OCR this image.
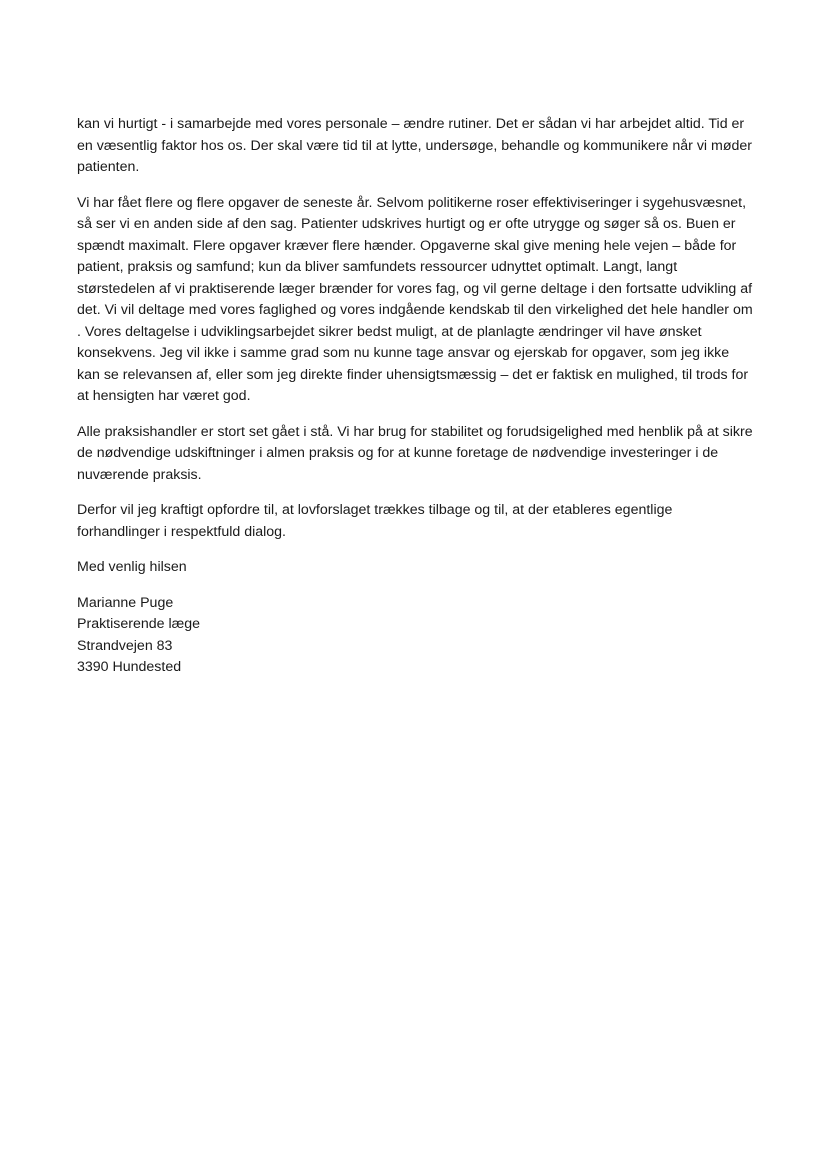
kan vi hurtigt - i samarbejde med vores personale – ændre rutiner. Det er sådan vi har arbejdet altid. Tid er en væsentlig faktor hos os. Der skal være tid til at lytte, undersøge, behandle og kommunikere når vi møder patienten.

Vi har fået flere og flere opgaver de seneste år. Selvom politikerne roser effektiviseringer i sygehusvæsnet, så ser vi en anden side af den sag. Patienter udskrives hurtigt og er ofte utrygge og søger så os. Buen er spændt maximalt. Flere opgaver kræver flere hænder. Opgaverne skal give mening hele vejen – både for patient, praksis og samfund; kun da bliver samfundets ressourcer udnyttet optimalt. Langt, langt størstedelen af vi praktiserende læger brænder for vores fag, og vil gerne deltage i den fortsatte udvikling af det. Vi vil deltage med vores faglighed og vores indgående kendskab til den virkelighed det hele handler om . Vores deltagelse i udviklingsarbejdet sikrer bedst muligt, at de planlagte ændringer vil have ønsket konsekvens. Jeg vil ikke i samme grad som nu kunne tage ansvar og ejerskab for opgaver, som jeg ikke kan se relevansen af, eller som jeg direkte finder uhensigtsmæssig – det er faktisk en mulighed, til trods for at hensigten har været god.

Alle praksishandler er stort set gået i stå. Vi har brug for stabilitet og forudsigelighed med henblik på at sikre de nødvendige udskiftninger i almen praksis og for at kunne foretage de nødvendige investeringer i de nuværende praksis.

Derfor vil jeg kraftigt opfordre til, at lovforslaget trækkes tilbage og til, at der etableres egentlige forhandlinger i respektfuld dialog.

Med venlig hilsen

Marianne Puge
Praktiserende læge
Strandvejen 83
3390 Hundested
